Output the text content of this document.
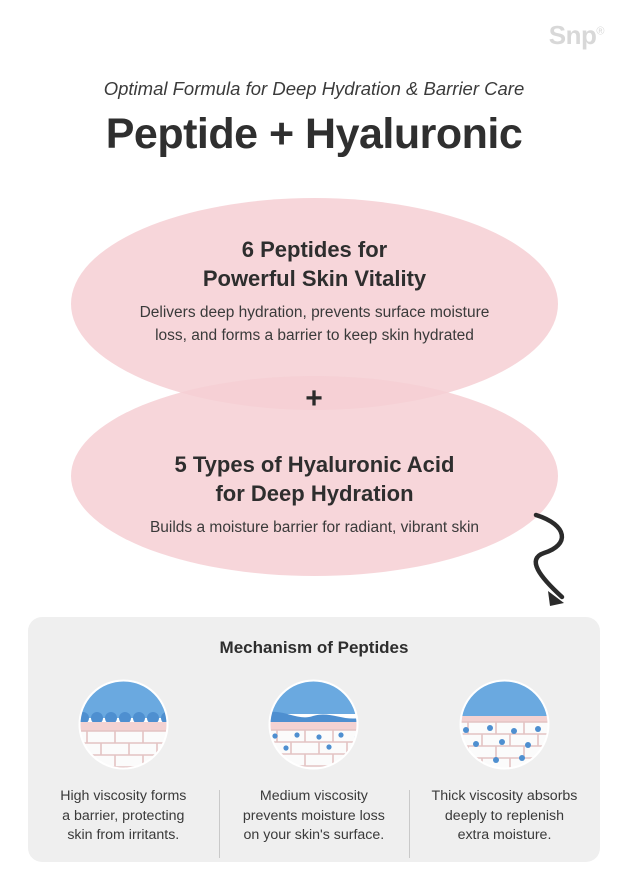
Snp®
Optimal Formula for Deep Hydration & Barrier Care
Peptide + Hyaluronic
6 Peptides for
Powerful Skin Vitality
Delivers deep hydration, prevents surface moisture
loss, and forms a barrier to keep skin hydrated
+
5 Types of Hyaluronic Acid
for Deep Hydration
Builds a moisture barrier for radiant, vibrant skin
Mechanism of Peptides
High viscosity forms
a barrier, protecting
skin from irritants.
Medium viscosity
prevents moisture loss
on your skin's surface.
Thick viscosity absorbs
deeply to replenish
extra moisture.
